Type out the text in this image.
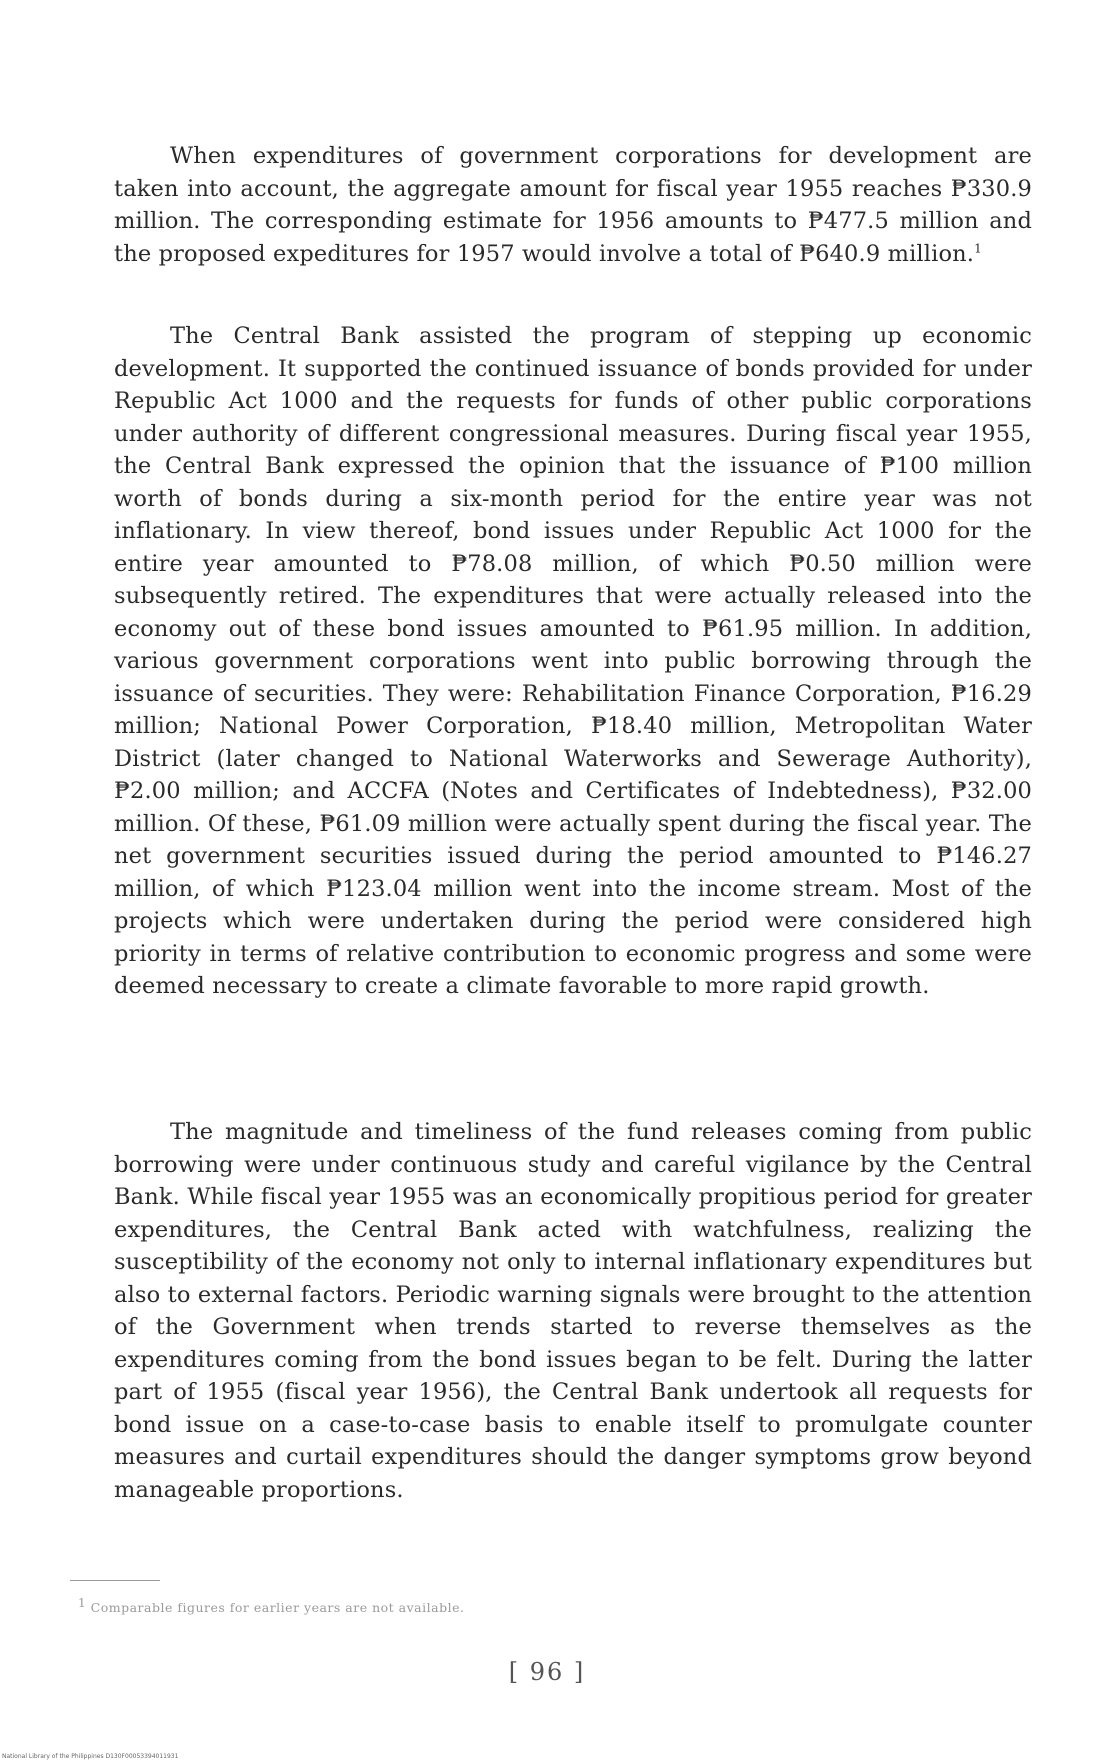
When expenditures of government corporations for development are taken into account, the aggregate amount for fiscal year 1955 reaches ₱330.9 million. The corresponding estimate for 1956 amounts to ₱477.5 million and the proposed expeditures for 1957 would involve a total of ₱640.9 million.$^1$

The Central Bank assisted the program of stepping up economic development. It supported the continued issuance of bonds provided for under Republic Act 1000 and the requests for funds of other public corporations under authority of different congressional measures. During fiscal year 1955, the Central Bank expressed the opinion that the issuance of ₱100 million worth of bonds during a six-month period for the entire year was not inflationary. In view thereof, bond issues under Republic Act 1000 for the entire year amounted to ₱78.08 million, of which ₱0.50 million were subsequently retired. The expenditures that were actually released into the economy out of these bond issues amounted to ₱61.95 million. In addition, various government corporations went into public borrowing through the issuance of securities. They were: Rehabilitation Finance Corporation, ₱16.29 million; National Power Corporation, ₱18.40 million, Metropolitan Water District (later changed to National Waterworks and Sewerage Authority), ₱2.00 million; and ACCFA (Notes and Certificates of Indebtedness), ₱32.00 million. Of these, ₱61.09 million were actually spent during the fiscal year. The net government securities issued during the period amounted to ₱146.27 million, of which ₱123.04 million went into the income stream. Most of the projects which were undertaken during the period were considered high priority in terms of relative contribution to economic progress and some were deemed necessary to create a climate favorable to more rapid growth.

The magnitude and timeliness of the fund releases coming from public borrowing were under continuous study and careful vigilance by the Central Bank. While fiscal year 1955 was an economically propitious period for greater expenditures, the Central Bank acted with watchfulness, realizing the susceptibility of the economy not only to internal inflationary expenditures but also to external factors. Periodic warning signals were brought to the attention of the Government when trends started to reverse themselves as the expenditures coming from the bond issues began to be felt. During the latter part of 1955 (fiscal year 1956), the Central Bank undertook all requests for bond issue on a case-to-case basis to enable itself to promulgate counter measures and curtail expenditures should the danger symptoms grow beyond manageable proportions.

$^1$ Comparable figures for earlier years are not available.
[ 96 ]
National Library of the Philippines D130F00053394011931
